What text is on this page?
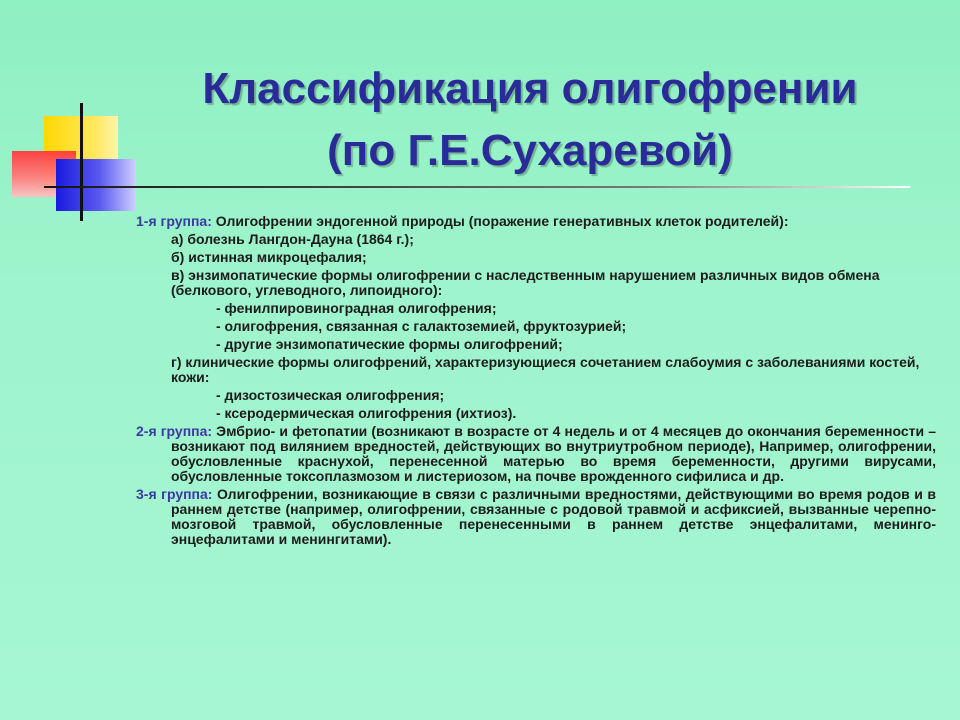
Классификация олигофрении
(по Г.Е.Сухаревой)
1-я группа: Олигофрении эндогенной природы (поражение генеративных клеток родителей):
а) болезнь Лангдон-Дауна (1864 г.);
б) истинная микроцефалия;
в) энзимопатические формы олигофрении с наследственным нарушением различных видов обмена (белкового, углеводного, липоидного):
- фенилпировиноградная олигофрения;
- олигофрения, связанная с галактоземией, фруктозурией;
- другие энзимопатические формы олигофрений;
г) клинические формы олигофрений, характеризующиеся сочетанием слабоумия с заболеваниями костей, кожи:
- дизостозическая олигофрения;
- ксеродермическая олигофрения (ихтиоз).
2-я группа: Эмбрио- и фетопатии (возникают в возрасте от 4 недель и от 4 месяцев до окончания беременности – возникают под вилянием вредностей, действующих во внутриутробном периоде), Например, олигофрении, обусловленные краснухой, перенесенной матерью во время беременности, другими вирусами, обусловленные токсоплазмозом и листериозом, на почве врожденного сифилиса и др.
3-я группа: Олигофрении, возникающие в связи с различными вредностями, действующими во время родов и в раннем детстве (например, олигофрении, связанные с родовой травмой и асфиксией, вызванные черепно-мозговой травмой, обусловленные перенесенными в раннем детстве энцефалитами, менинго-энцефалитами и менингитами).
